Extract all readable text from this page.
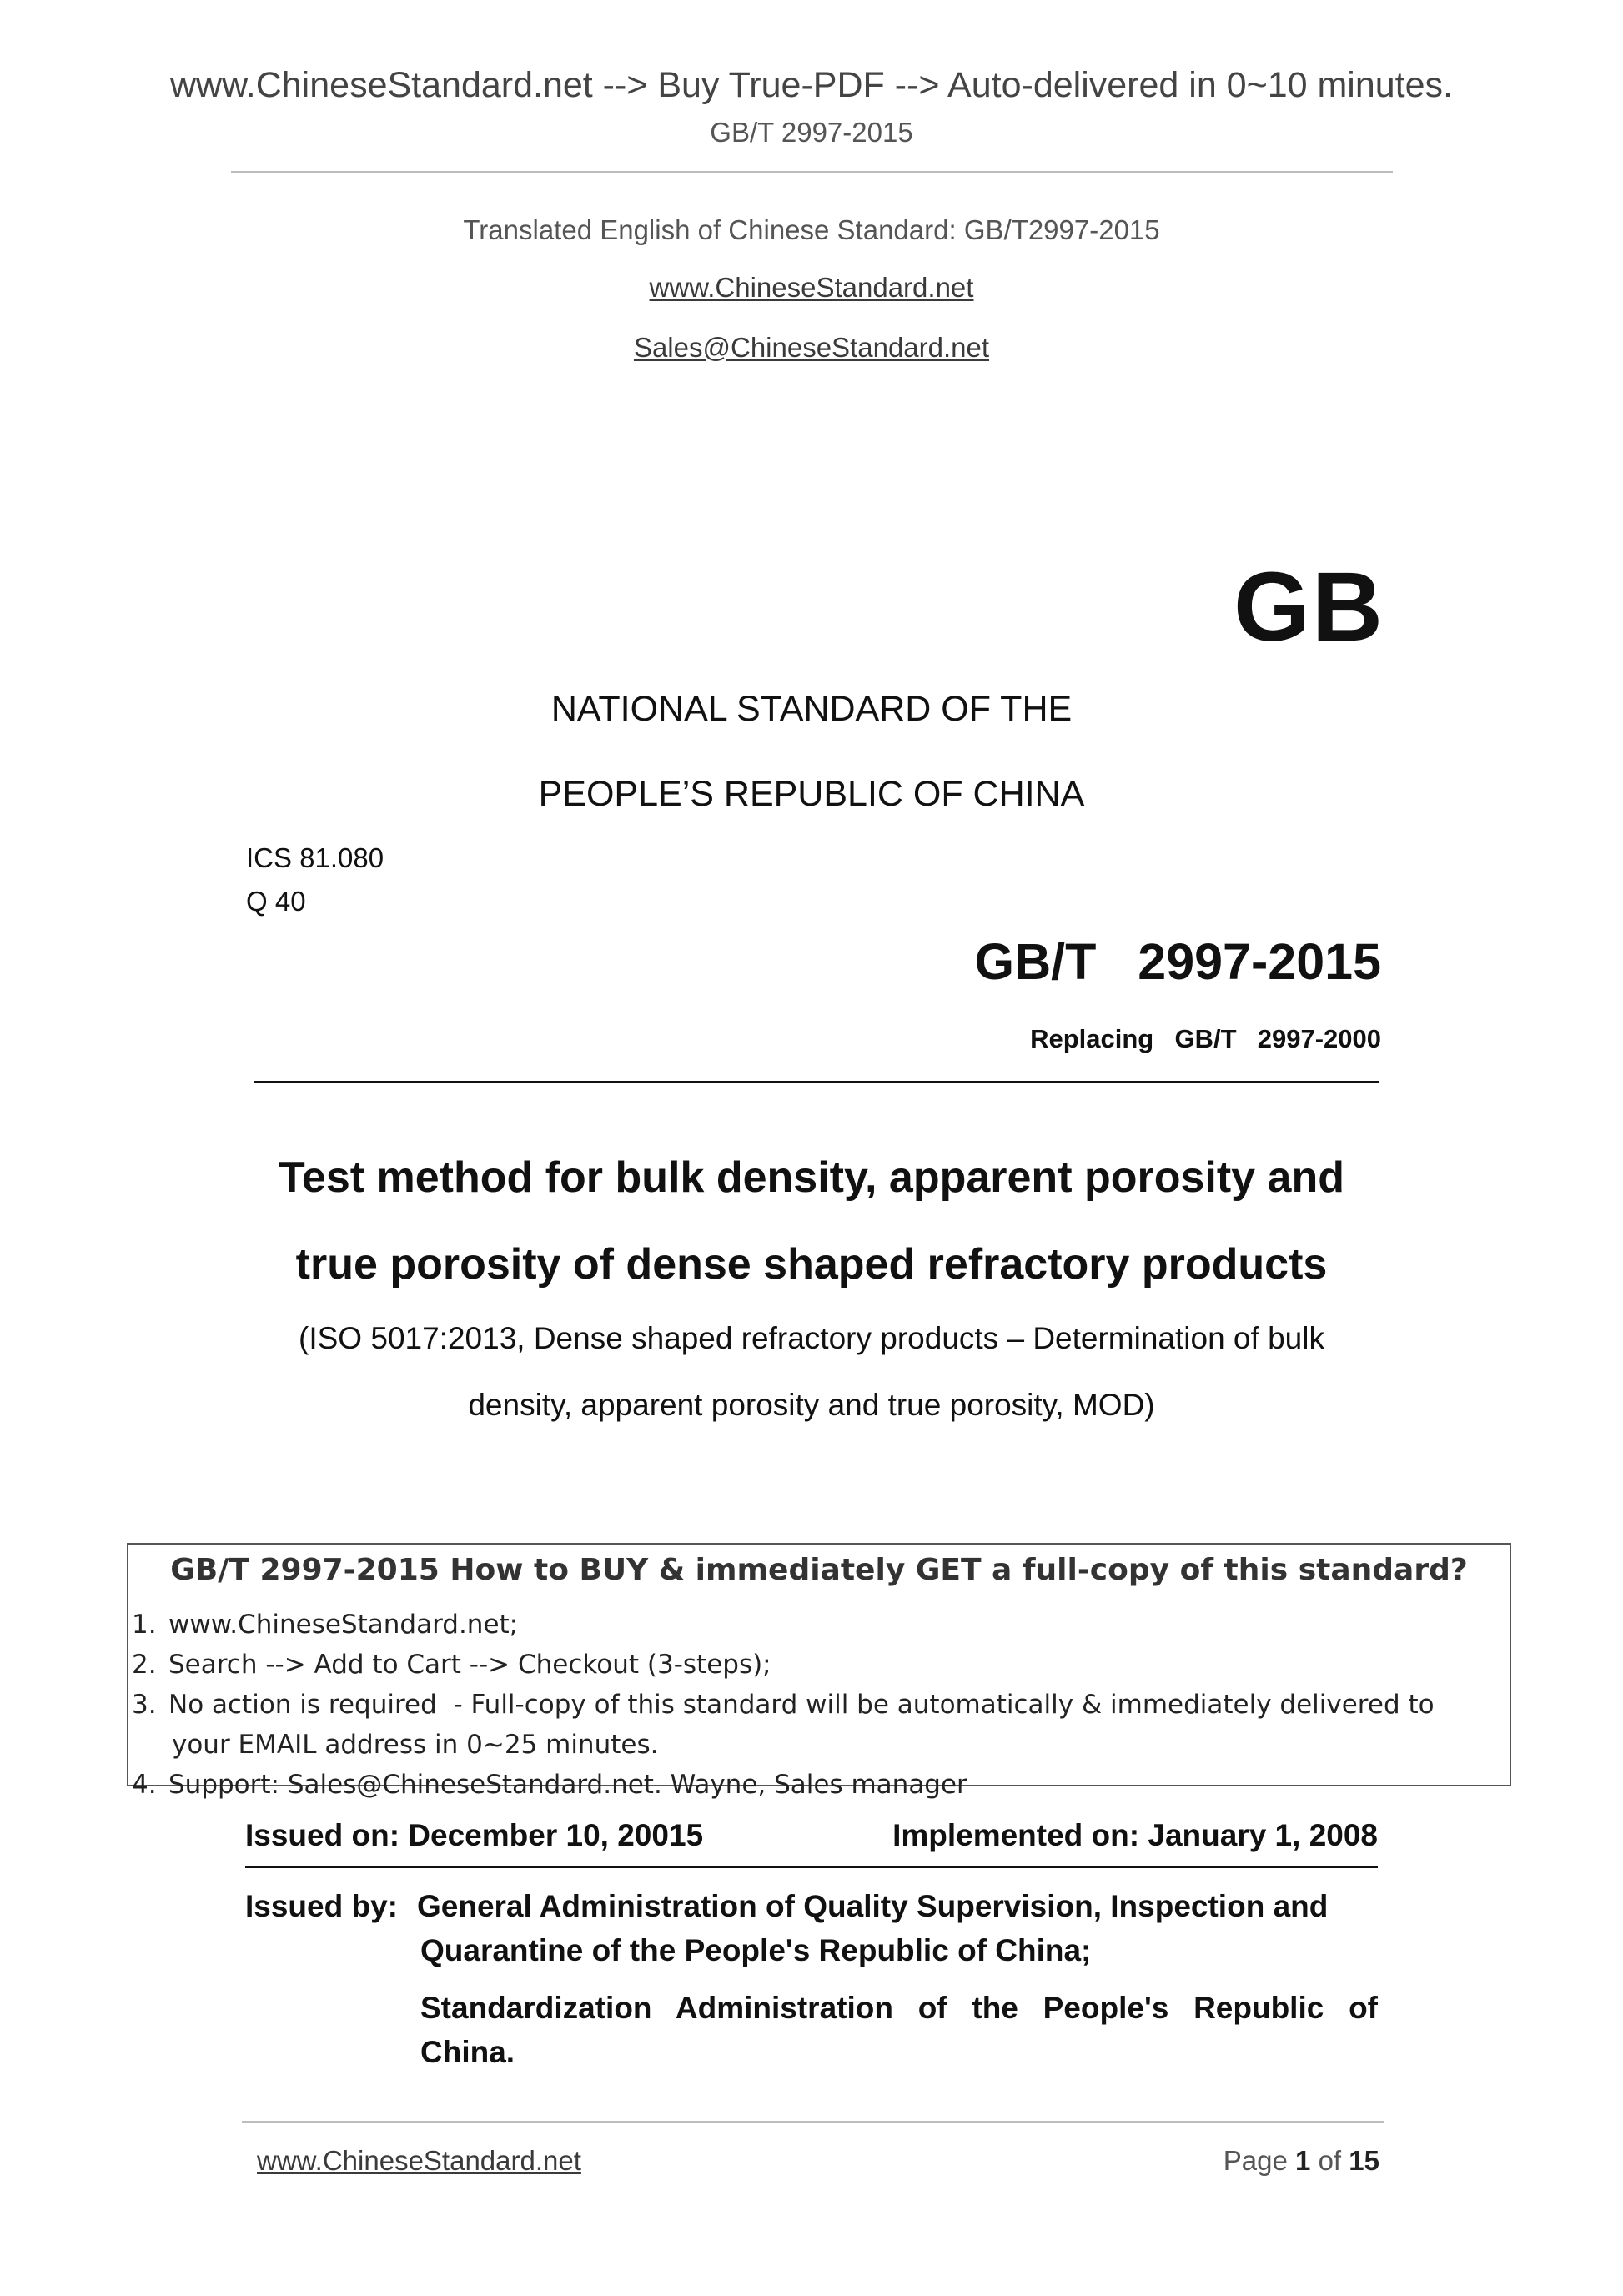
www.ChineseStandard.net --> Buy True-PDF --> Auto-delivered in 0~10 minutes.
GB/T 2997-2015
Translated English of Chinese Standard: GB/T2997-2015
www.ChineseStandard.net
Sales@ChineseStandard.net
GB
NATIONAL STANDARD OF THE
PEOPLE’S REPUBLIC OF CHINA
ICS 81.080
Q 40
GB/T  2997-2015
Replacing  GB/T  2997-2000
Test method for bulk density, apparent porosity and
true porosity of dense shaped refractory products
(ISO 5017:2013, Dense shaped refractory products – Determination of bulk
density, apparent porosity and true porosity, MOD)
GB/T 2997-2015 How to BUY & immediately GET a full-copy of this standard?
1. www.ChineseStandard.net;
2. Search --> Add to Cart --> Checkout (3-steps);
3. No action is required  - Full-copy of this standard will be automatically & immediately delivered to
your EMAIL address in 0~25 minutes.
4. Support: Sales@ChineseStandard.net. Wayne, Sales manager
Issued on: December 10, 20015	Implemented on: January 1, 2008
Issued by: General Administration of Quality Supervision, Inspection and
Quarantine of the People's Republic of China;
Standardization Administration of the People's Republic of
China.
www.ChineseStandard.net	Page 1 of 15
